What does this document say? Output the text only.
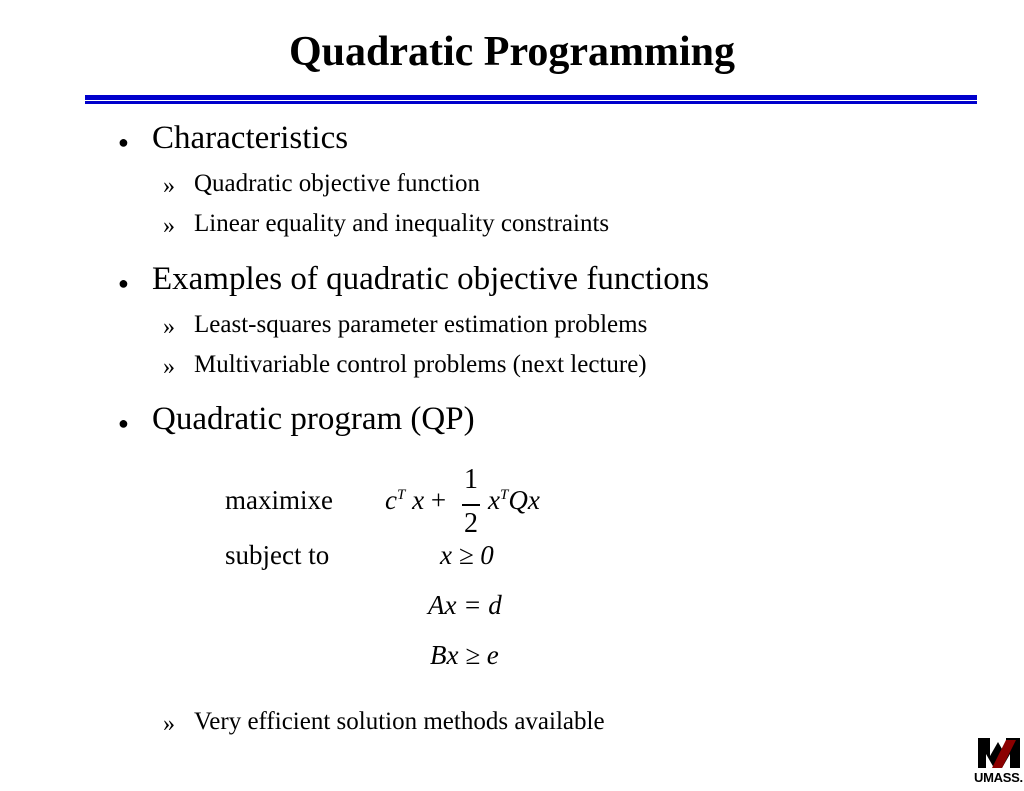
Quadratic Programming
● Characteristics
» Quadratic objective function
» Linear equality and inequality constraints
● Examples of quadratic objective functions
» Least-squares parameter estimation problems
» Multivariable control problems (next lecture)
● Quadratic program (QP)
maximixe $c^T$ x +
1
2
$x^TQx$
subject to	x ≥ 0
Ax = d
Bx ≥ e
» Very efficient solution methods available
UMASS.
